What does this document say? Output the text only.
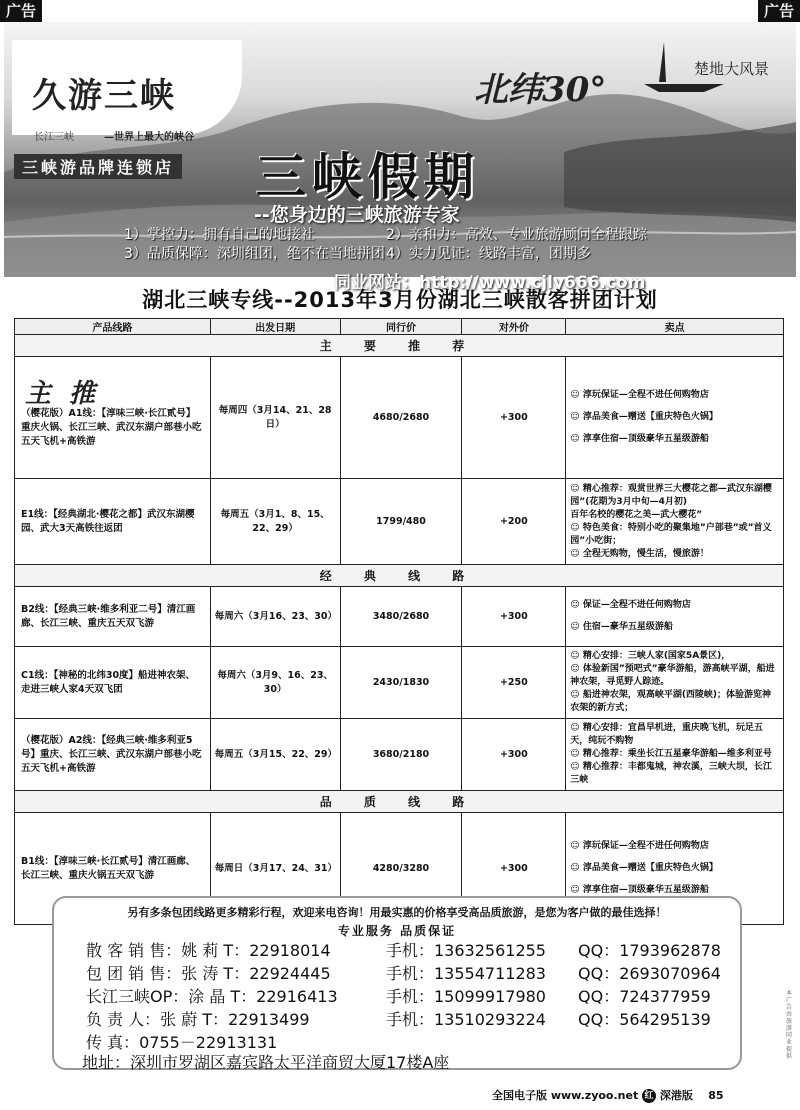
广告	广告
久游三峡
长江三峡	—世界上最大的峡谷
三峡游品牌连锁店
北纬30°
楚地大风景
三峡假期
--您身边的三峡旅游专家
1）掌控力：拥有自己的地接社	2）亲和力：高效、专业旅游顾问全程跟踪
3）品质保障：深圳组团，绝不在当地拼团 4）实力见证：线路丰富，团期多
同业网站：http://www.cjly666.com
湖北三峡专线--2013年3月份湖北三峡散客拼团计划
产品线路	出发日期	同行价	对外价	卖点
主 要 推 荐				

主推
（樱花版）A1线：【淳味三峡·长江贰号】重庆火锅、长江三峡、武汉东湖户部巷小吃五天飞机+高铁游	每周四（3月14、21、28日）	4680/2680	+300	☺ 淳玩保证—全程不进任何购物店
☺ 淳品美食—赠送【重庆特色火锅】
☺ 淳享住宿—顶级豪华五星级游船

E1线：【经典湖北·樱花之都】武汉东湖樱园、武大3天高铁往返团	每周五（3月1、8、15、22、29）	1799/480	+200	☺ 精心推荐：观赏世界三大樱花之都—武汉东湖樱园”(花期为3月中旬—4月初)
百年名校的樱花之美—武大樱花”
☺ 特色美食：特别小吃的聚集地”户部巷”或”首义园”小吃街；
☺ 全程无购物，慢生活，慢旅游！

经 典 线 路				
B2线：【经典三峡·维多利亚二号】清江画廊、长江三峡、重庆五天双飞游	每周六（3月16、23、30）	3480/2680	+300	☺ 保证—全程不进任何购物店
☺ 住宿—豪华五星级游船

C1线：【神秘的北纬30度】船进神农架、走进三峡人家4天双飞团	每周六（3月9、16、23、30）	2430/1830	+250	☺ 精心安排：三峡人家(国家5A景区)，
☺ 体验新国”预吧式”豪华游船，游高峡平湖，船进神农架，寻觅野人踪迹。
☺ 船进神农架，观高峡平湖(西陵峡)；体验游览神农架的新方式；

（樱花版）A2线：【经典三峡·维多利亚5号】重庆、长江三峡、武汉东湖户部巷小吃五天飞机+高铁游	每周五（3月15、22、29）	3680/2180	+300	☺ 精心安排：宜昌早机进，重庆晚飞机，玩足五天，纯玩不购物
☺ 精心推荐：乘坐长江五星豪华游船—维多利亚号
☺ 精心推荐：丰都鬼城，神农溪，三峡大坝，长江三峡

品 质 线 路				
B1线：【淳味三峡·长江贰号】清江画廊、长江三峡、重庆火锅五天双飞游	每周日（3月17、24、31）	4280/3280	+300	☺ 淳玩保证—全程不进任何购物店
☺ 淳品美食—赠送【重庆特色火锅】
☺ 淳享住宿—顶级豪华五星级游船
另有多条包团线路更多精彩行程，欢迎来电咨询！用最实惠的价格享受高品质旅游，是您为客户做的最佳选择！
专业服务 品质保证
散 客 销 售：姚 莉 T：22918014	手机：13632561255	QQ：1793962878
包 团 销 售：张 涛 T：22924445	手机：13554711283	QQ：2693070964
长江三峡OP：涂 晶 T：22916413	手机：15099917980	QQ：724377959
负 责 人：张 蔚 T：22913499	手机：13510293224	QQ：564295139
传 真：0755－22913131
地址：深圳市罗湖区嘉宾路太平洋商贸大厦17楼A座
全国电子版 www.zyoo.net 红 深港版 85
本广告由旅游同业提供
